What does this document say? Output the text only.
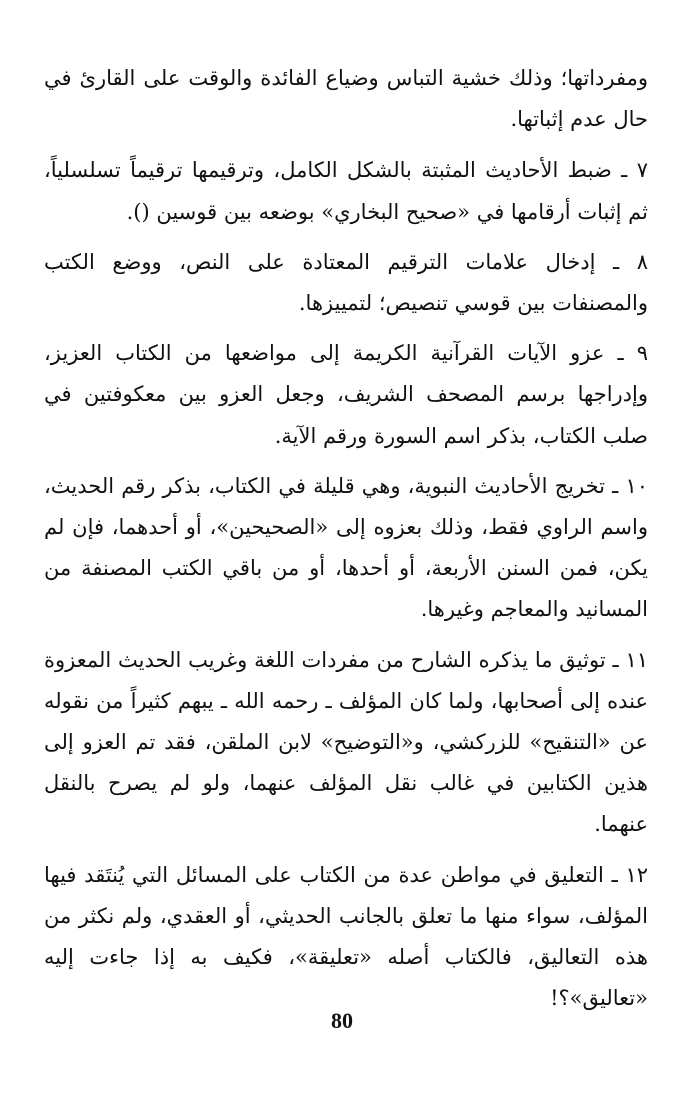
ومفرداتها؛ وذلك خشية التباس وضياع الفائدة والوقت على القارئ في حال عدم إثباتها.

٧ ـ ضبط الأحاديث المثبتة بالشكل الكامل، وترقيمها ترقيماً تسلسلياً، ثم إثبات أرقامها في «صحيح البخاري» بوضعه بين قوسين ().

٨ ـ إدخال علامات الترقيم المعتادة على النص، ووضع الكتب والمصنفات بين قوسي تنصيص؛ لتمييزها.

٩ ـ عزو الآيات القرآنية الكريمة إلى مواضعها من الكتاب العزيز، وإدراجها برسم المصحف الشريف، وجعل العزو بين معكوفتين في صلب الكتاب، بذكر اسم السورة ورقم الآية.

١٠ ـ تخريج الأحاديث النبوية، وهي قليلة في الكتاب، بذكر رقم الحديث، واسم الراوي فقط، وذلك بعزوه إلى «الصحيحين»، أو أحدهما، فإن لم يكن، فمن السنن الأربعة، أو أحدها، أو من باقي الكتب المصنفة من المسانيد والمعاجم وغيرها.

١١ ـ توثيق ما يذكره الشارح من مفردات اللغة وغريب الحديث المعزوة عنده إلى أصحابها، ولما كان المؤلف ـ رحمه الله ـ يبهم كثيراً من نقوله عن «التنقيح» للزركشي، و«التوضيح» لابن الملقن، فقد تم العزو إلى هذين الكتابين في غالب نقل المؤلف عنهما، ولو لم يصرح بالنقل عنهما.

١٢ ـ التعليق في مواطن عدة من الكتاب على المسائل التي يُنتَقد فيها المؤلف، سواء منها ما تعلق بالجانب الحديثي، أو العقدي، ولم نكثر من هذه التعاليق، فالكتاب أصله «تعليقة»، فكيف به إذا جاءت إليه «تعاليق»؟!

80
